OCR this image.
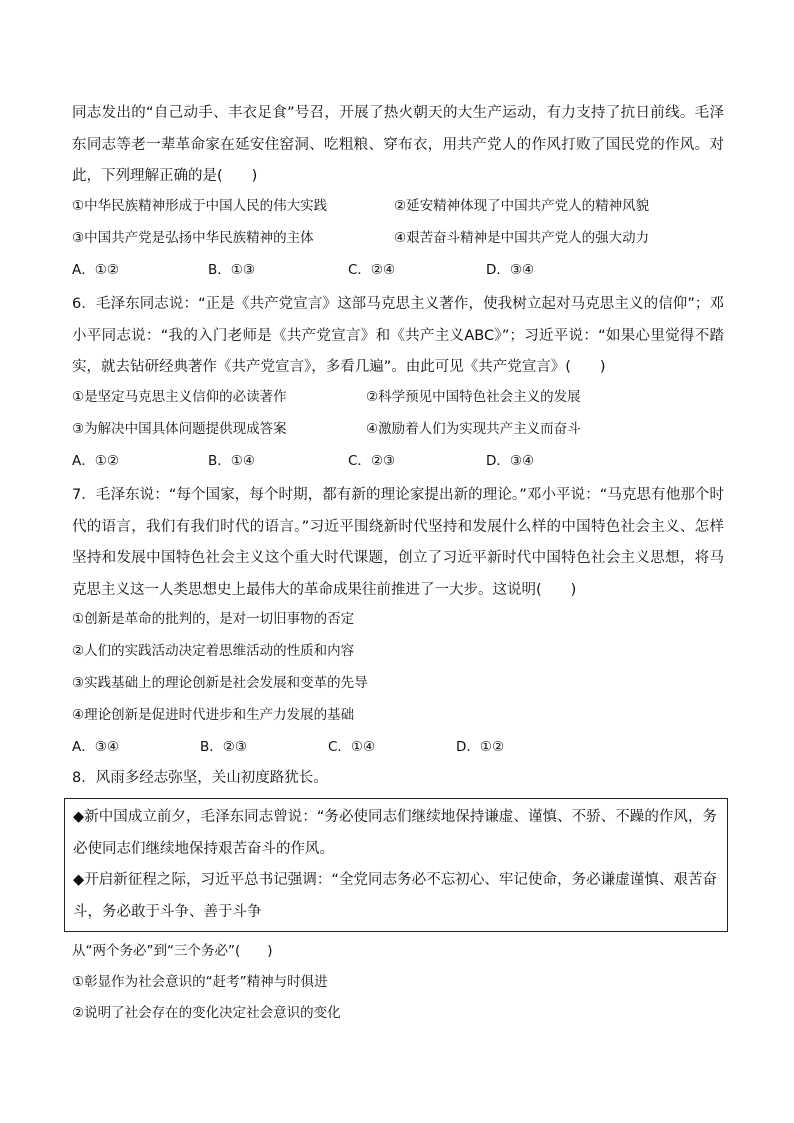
同志发出的“自己动手、丰衣足食”号召，开展了热火朝天的大生产运动，有力支持了抗日前线。毛泽东同志等老一辈革命家在延安住窑洞、吃粗粮、穿布衣，用共产党人的作风打败了国民党的作风。对此，下列理解正确的是(　　)

①中华民族精神形成于中国人民的伟大实践	②延安精神体现了中国共产党人的精神风貌
③中国共产党是弘扬中华民族精神的主体	④艰苦奋斗精神是中国共产党人的强大动力
A．①②	B．①③	C．②④	D．③④

6．毛泽东同志说：“正是《共产党宣言》这部马克思主义著作，使我树立起对马克思主义的信仰”；邓小平同志说：“我的入门老师是《共产党宣言》和《共产主义ABC》”；习近平说：“如果心里觉得不踏实，就去钻研经典著作《共产党宣言》，多看几遍”。由此可见《共产党宣言》(　　)

①是坚定马克思主义信仰的必读著作	②科学预见中国特色社会主义的发展
③为解决中国具体问题提供现成答案	④激励着人们为实现共产主义而奋斗
A．①②	B．①④	C．②③	D．③④

7．毛泽东说：“每个国家，每个时期，都有新的理论家提出新的理论。”邓小平说：“马克思有他那个时代的语言，我们有我们时代的语言。”习近平围绕新时代坚持和发展什么样的中国特色社会主义、怎样坚持和发展中国特色社会主义这个重大时代课题，创立了习近平新时代中国特色社会主义思想，将马克思主义这一人类思想史上最伟大的革命成果往前推进了一大步。这说明(　　)

①创新是革命的批判的，是对一切旧事物的否定
②人们的实践活动决定着思维活动的性质和内容
③实践基础上的理论创新是社会发展和变革的先导
④理论创新是促进时代进步和生产力发展的基础
A．③④	B．②③	C．①④	D．①②

8．风雨多经志弥坚，关山初度路犹长。

◆新中国成立前夕，毛泽东同志曾说：“务必使同志们继续地保持谦虚、谨慎、不骄、不躁的作风，务必使同志们继续地保持艰苦奋斗的作风。

◆开启新征程之际，习近平总书记强调：“全党同志务必不忘初心、牢记使命，务必谦虚谨慎、艰苦奋斗，务必敢于斗争、善于斗争

从“两个务必”到“三个务必”(　　)
①彰显作为社会意识的“赶考”精神与时俱进
②说明了社会存在的变化决定社会意识的变化
